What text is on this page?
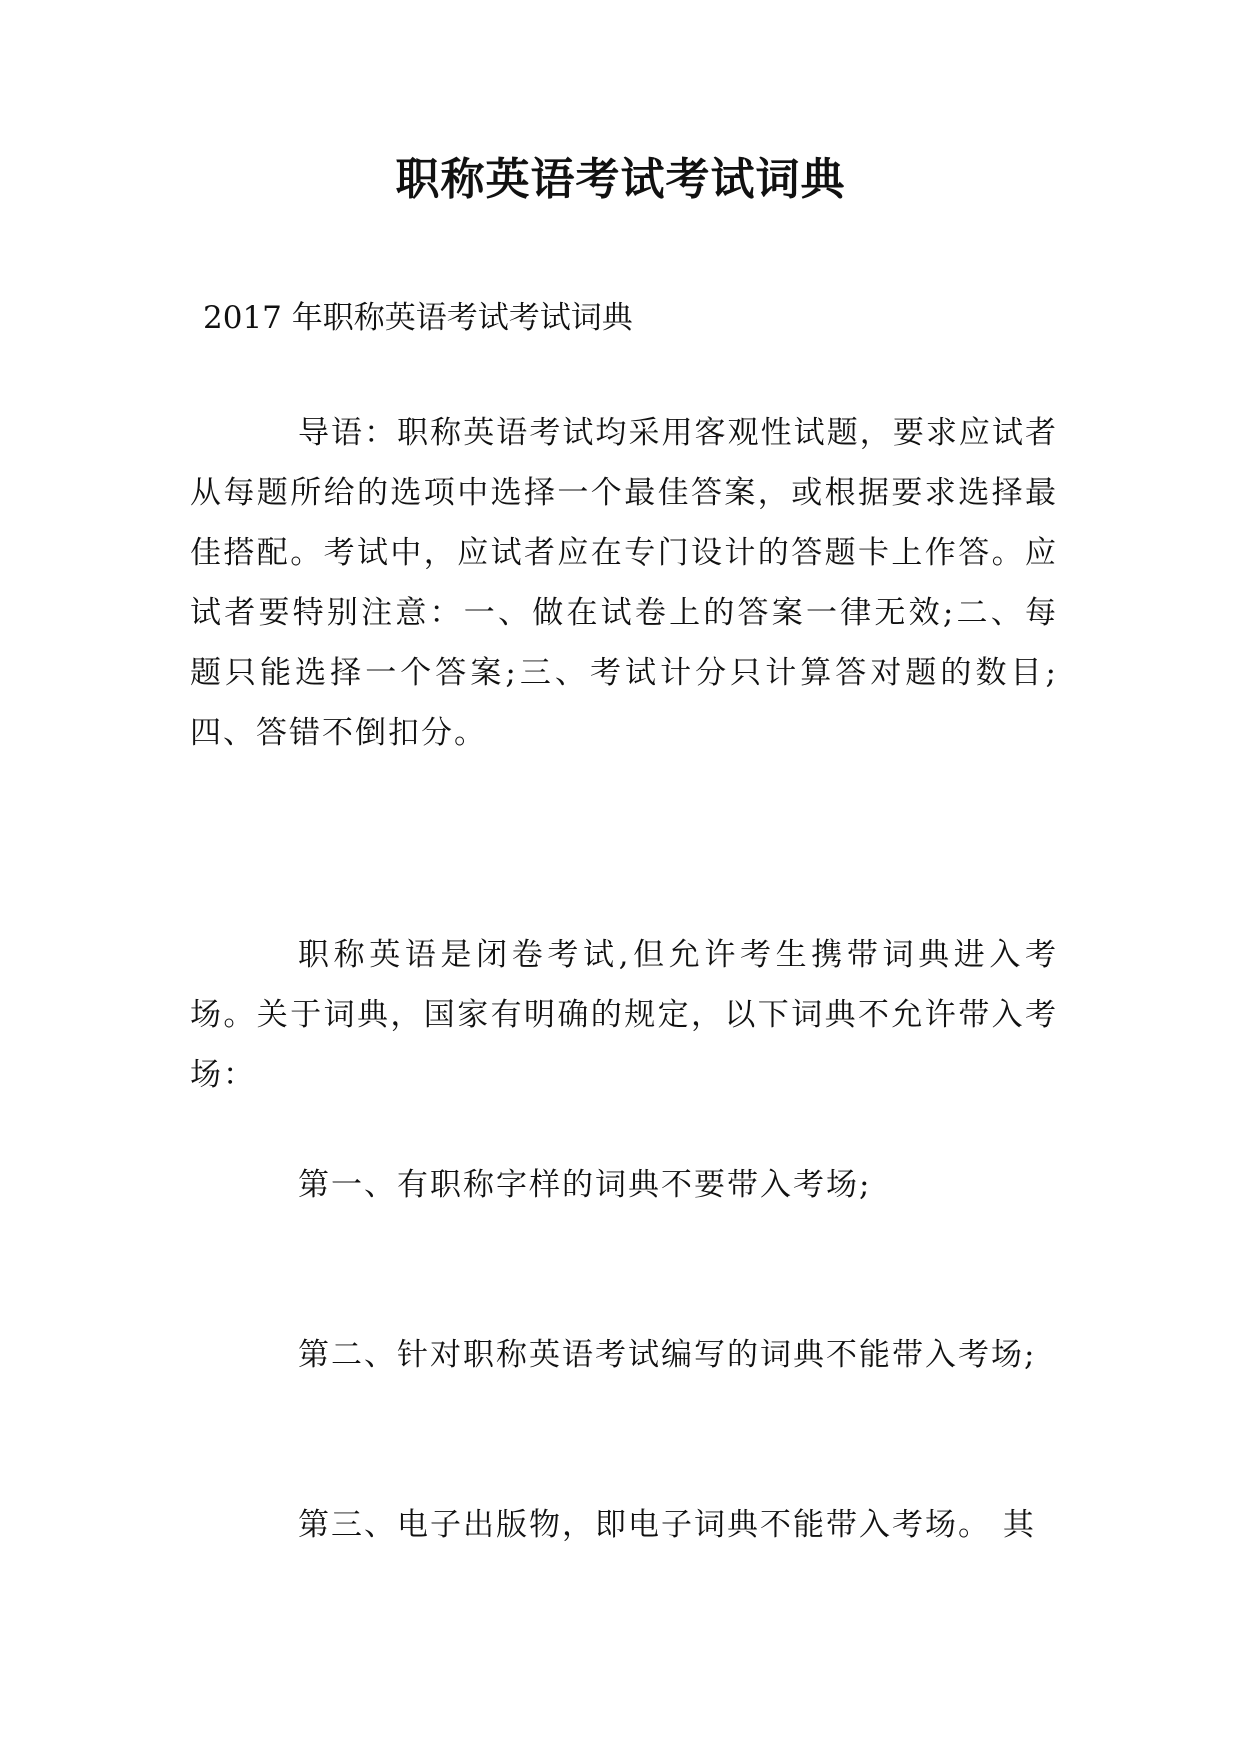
职称英语考试考试词典
2017 年职称英语考试考试词典
导语：职称英语考试均采用客观性试题，要求应试者从每题所给的选项中选择一个最佳答案，或根据要求选择最佳搭配。考试中，应试者应在专门设计的答题卡上作答。应试者要特别注意：一、做在试卷上的答案一律无效;二、每题只能选择一个答案;三、考试计分只计算答对题的数目;四、答错不倒扣分。
职称英语是闭卷考试,但允许考生携带词典进入考场。关于词典，国家有明确的规定，以下词典不允许带入考场：
第一、有职称字样的词典不要带入考场;
第二、针对职称英语考试编写的词典不能带入考场;
第三、电子出版物，即电子词典不能带入考场。 其
